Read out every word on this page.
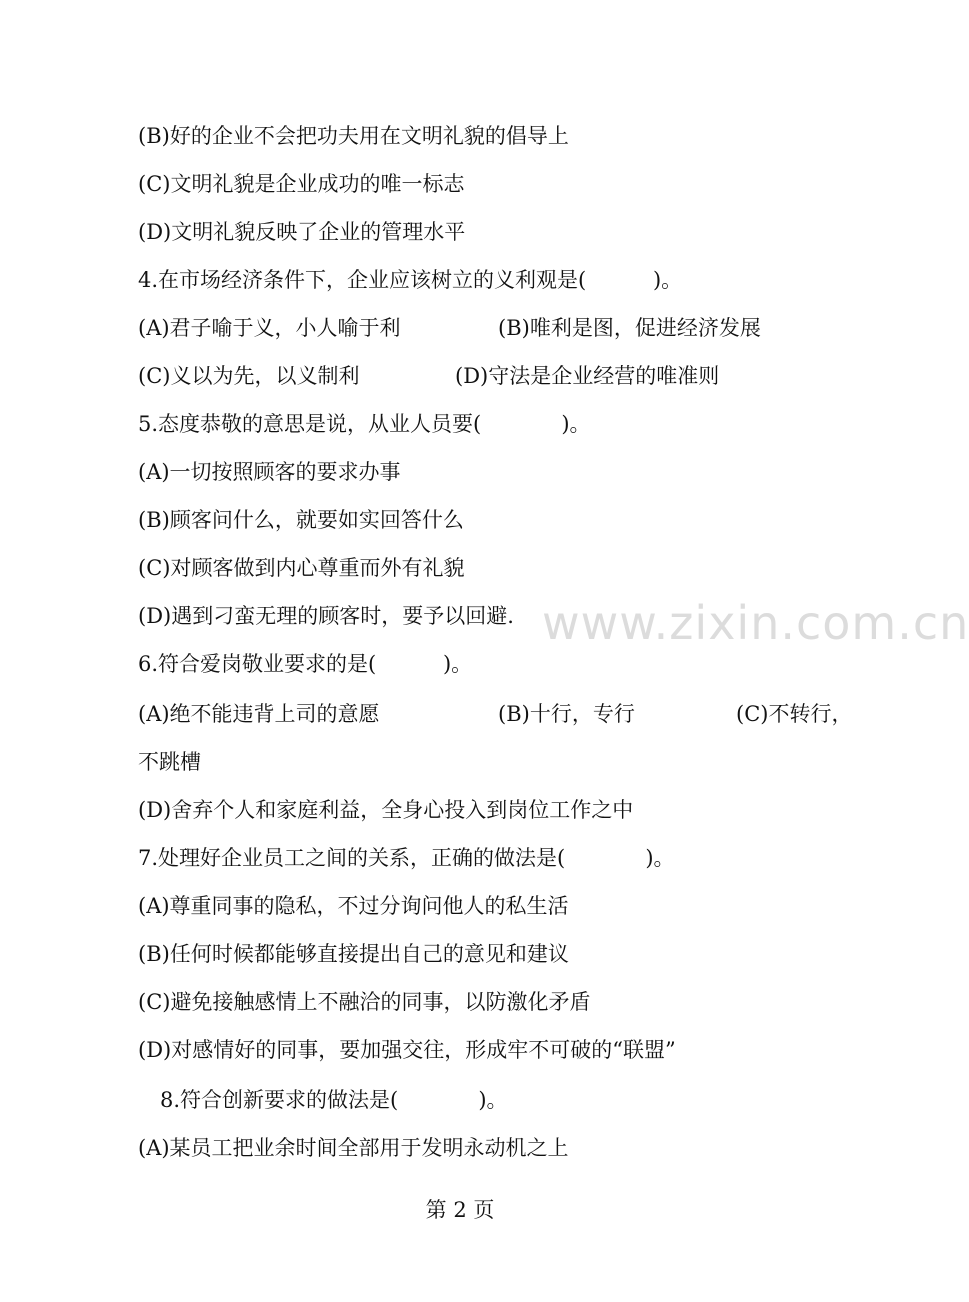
(B)好的企业不会把功夫用在文明礼貌的倡导上
(C)文明礼貌是企业成功的唯一标志
(D)文明礼貌反映了企业的管理水平
4.在市场经济条件下，企业应该树立的义利观是(          )。
(A)君子喻于义，小人喻于利	(B)唯利是图，促进经济发展
(C)义以为先，以义制利	(D)守法是企业经营的唯准则
5.态度恭敬的意思是说，从业人员要(            )。
(A)一切按照顾客的要求办事
(B)顾客问什么，就要如实回答什么
(C)对顾客做到内心尊重而外有礼貌
(D)遇到刁蛮无理的顾客时，要予以回避.
6.符合爱岗敬业要求的是(          )。
(A)绝不能违背上司的意愿	(B)十行，专行	(C)不转行，
不跳槽
(D)舍弃个人和家庭利益，全身心投入到岗位工作之中
7.处理好企业员工之间的关系，正确的做法是(            )。
(A)尊重同事的隐私，不过分询问他人的私生活
(B)任何时候都能够直接提出自己的意见和建议
(C)避免接触感情上不融洽的同事，以防激化矛盾
(D)对感情好的同事，要加强交往，形成牢不可破的“联盟”
8.符合创新要求的做法是(            )。
(A)某员工把业余时间全部用于发明永动机之上
www.zixin.com.cn
第 2 页
